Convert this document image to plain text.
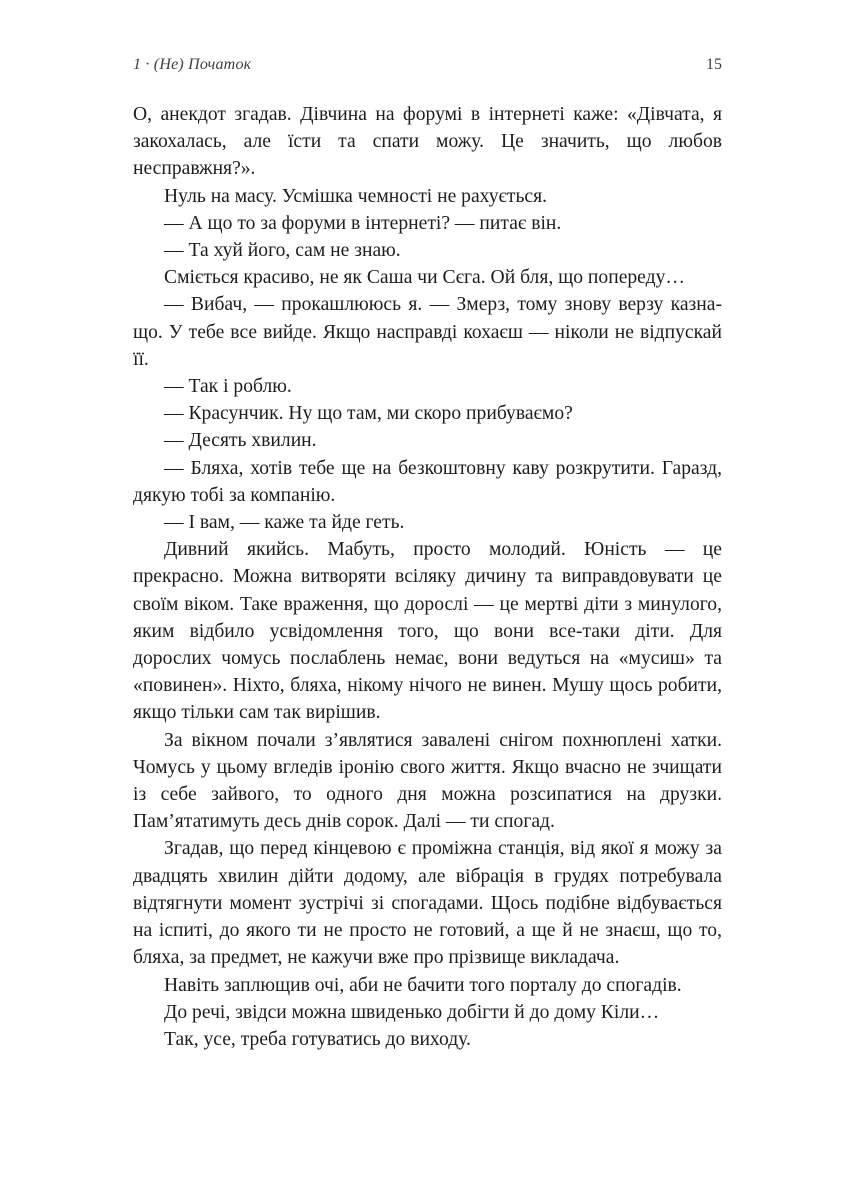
1 · (Не) Початок	15

О, анекдот згадав. Дівчина на форумі в інтернеті каже: «Дівчата, я закохалась, але їсти та спати можу. Це значить, що любов несправжня?».

Нуль на масу. Усмішка чемності не рахується.

— А що то за форуми в інтернеті? — питає він.

— Та хуй його, сам не знаю.

Сміється красиво, не як Саша чи Сєга. Ой бля, що попереду…

— Вибач, — прокашлююсь я. — Змерз, тому знову верзу казна-що. У тебе все вийде. Якщо насправді кохаєш — ніколи не відпускай її.

— Так і роблю.

— Красунчик. Ну що там, ми скоро прибуваємо?

— Десять хвилин.

— Бляха, хотів тебе ще на безкоштовну каву розкрутити. Гаразд, дякую тобі за компанію.

— І вам, — каже та йде геть.

Дивний якийсь. Мабуть, просто молодий. Юність — це прекрасно. Можна витворяти всіляку дичину та виправдовувати це своїм віком. Таке враження, що дорослі — це мертві діти з минулого, яким відбило усвідомлення того, що вони все-таки діти. Для дорослих чомусь послаблень немає, вони ведуться на «мусиш» та «повинен». Ніхто, бляха, нікому нічого не винен. Мушу щось робити, якщо тільки сам так вирішив.

За вікном почали з’являтися завалені снігом похнюплені хатки. Чомусь у цьому вгледів іронію свого життя. Якщо вчасно не зчищати із себе зайвого, то одного дня можна розсипатися на друзки. Пам’ятатимуть десь днів сорок. Далі — ти спогад.

Згадав, що перед кінцевою є проміжна станція, від якої я можу за двадцять хвилин дійти додому, але вібрація в грудях потребувала відтягнути момент зустрічі зі спогадами. Щось подібне відбувається на іспиті, до якого ти не просто не готовий, а ще й не знаєш, що то, бляха, за предмет, не кажучи вже про прізвище викладача.

Навіть заплющив очі, аби не бачити того порталу до спогадів.

До речі, звідси можна швиденько добігти й до дому Кіли…

Так, усе, треба готуватись до виходу.
